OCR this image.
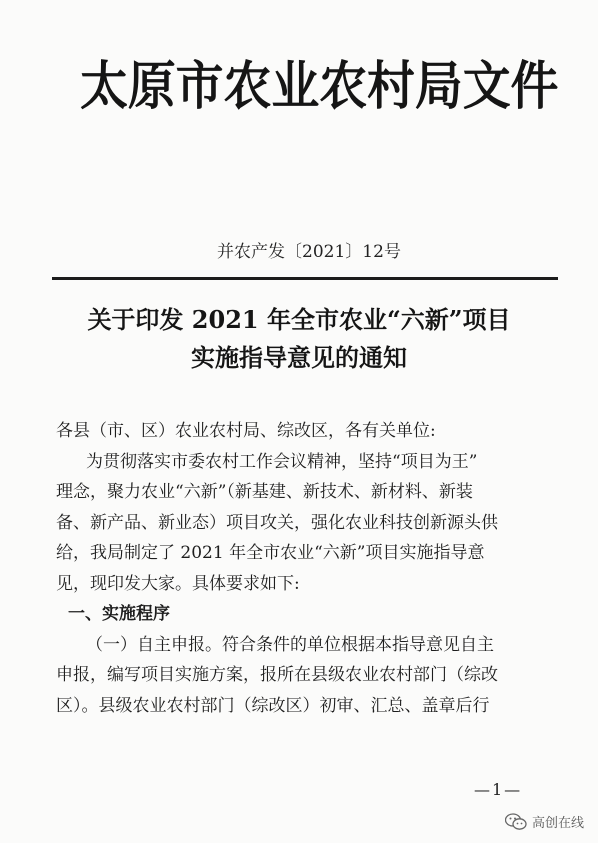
太原市农业农村局文件
并农产发〔2021〕12号
关于印发 2021 年全市农业“六新”项目
实施指导意见的通知
各县（市、区）农业农村局、综改区，各有关单位:
为贯彻落实市委农村工作会议精神，坚持“项目为王”
理念，聚力农业“六新”（新基建、新技术、新材料、新装
备、新产品、新业态）项目攻关，强化农业科技创新源头供
给，我局制定了 2021 年全市农业“六新”项目实施指导意
见，现印发大家。具体要求如下:
一、实施程序
（一）自主申报。符合条件的单位根据本指导意见自主
申报，编写项目实施方案，报所在县级农业农村部门（综改
区）。县级农业农村部门（综改区）初审、汇总、盖章后行
—1—
高创在线
